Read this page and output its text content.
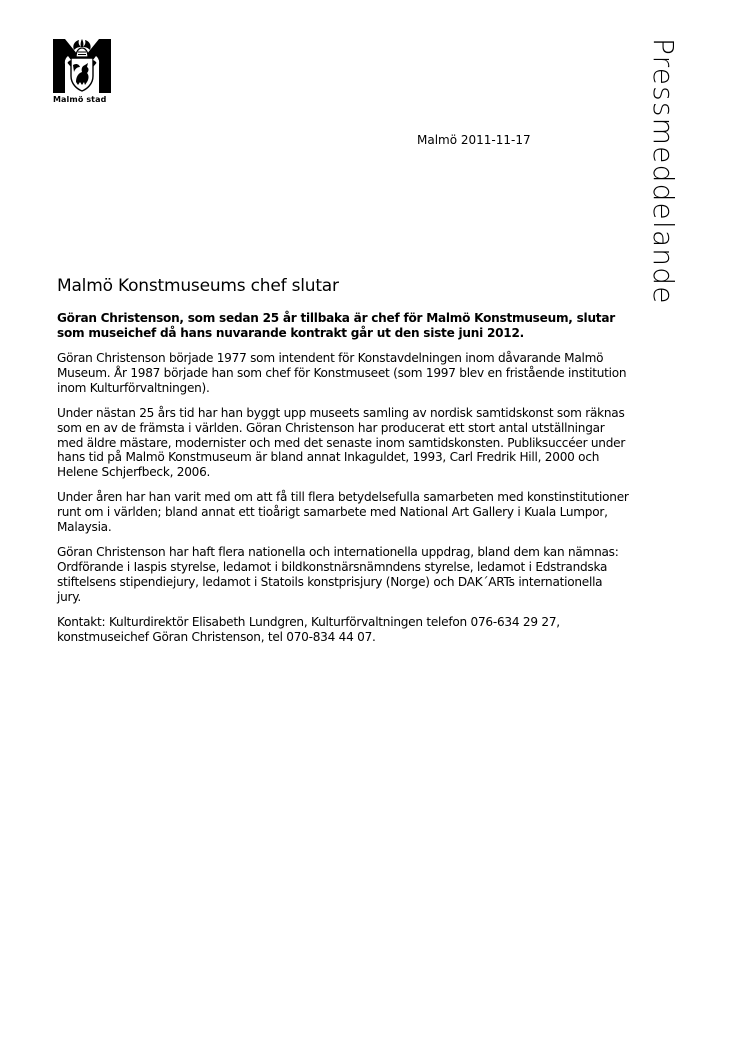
Malmö stad	Pressmeddelande
Malmö 2011-11-17
Malmö Konstmuseums chef slutar

Göran Christenson, som sedan 25 år tillbaka är chef för Malmö Konstmuseum, slutar som museichef då hans nuvarande kontrakt går ut den siste juni 2012.

Göran Christenson började 1977 som intendent för Konstavdelningen inom dåvarande Malmö Museum. År 1987 började han som chef för Konstmuseet (som 1997 blev en fristående institution inom Kulturförvaltningen).

Under nästan 25 års tid har han byggt upp museets samling av nordisk samtidskonst som räknas som en av de främsta i världen. Göran Christenson har producerat ett stort antal utställningar med äldre mästare, modernister och med det senaste inom samtidskonsten. Publiksuccéer under hans tid på Malmö Konstmuseum är bland annat Inkaguldet, 1993, Carl Fredrik Hill, 2000 och Helene Schjerfbeck, 2006.

Under åren har han varit med om att få till flera betydelsefulla samarbeten med konstinstitutioner runt om i världen; bland annat ett tioårigt samarbete med National Art Gallery i Kuala Lumpor, Malaysia.

Göran Christenson har haft flera nationella och internationella uppdrag, bland dem kan nämnas: Ordförande i Iaspis styrelse, ledamot i bildkonstnärsnämndens styrelse, ledamot i Edstrandska stiftelsens stipendiejury, ledamot i Statoils konstprisjury (Norge) och DAK´ARTs internationella jury.

Kontakt: Kulturdirektör Elisabeth Lundgren, Kulturförvaltningen telefon 076-634 29 27, konstmuseichef Göran Christenson, tel 070-834 44 07.
